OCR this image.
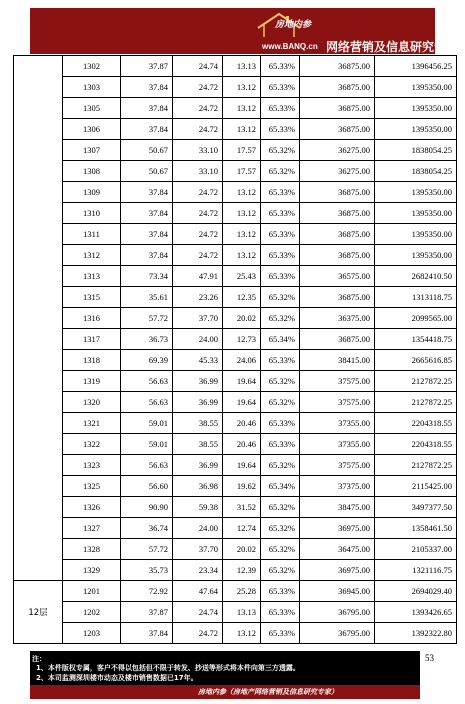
房地内参
www.BANQ.cn 网络营销及信息研究专家
	1302	37.87	24.74	13.13	65.33%	36875.00	1396456.25
	1303	37.84	24.72	13.12	65.33%	36875.00	1395350.00
	1305	37.84	24.72	13.12	65.33%	36875.00	1395350.00
	1306	37.84	24.72	13.12	65.33%	36875.00	1395350.00
	1307	50.67	33.10	17.57	65.32%	36275.00	1838054.25
	1308	50.67	33.10	17.57	65.32%	36275.00	1838054.25
	1309	37.84	24.72	13.12	65.33%	36875.00	1395350.00
	1310	37.84	24.72	13.12	65.33%	36875.00	1395350.00
	1311	37.84	24.72	13.12	65.33%	36875.00	1395350.00
	1312	37.84	24.72	13.12	65.33%	36875.00	1395350.00
	1313	73.34	47.91	25.43	65.33%	36575.00	2682410.50
	1315	35.61	23.26	12.35	65.32%	36875.00	1313118.75
	1316	57.72	37.70	20.02	65.32%	36375.00	2099565.00
	1317	36.73	24.00	12.73	65.34%	36875.00	1354418.75
	1318	69.39	45.33	24.06	65.33%	38415.00	2665616.85
	1319	56.63	36.99	19.64	65.32%	37575.00	2127872.25
	1320	56.63	36.99	19.64	65.32%	37575.00	2127872.25
	1321	59.01	38.55	20.46	65.33%	37355.00	2204318.55
	1322	59.01	38.55	20.46	65.33%	37355.00	2204318.55
	1323	56.63	36.99	19.64	65.32%	37575.00	2127872.25
	1325	56.60	36.98	19.62	65.34%	37375.00	2115425.00
	1326	90.90	59.38	31.52	65.32%	38475.00	3497377.50
	1327	36.74	24.00	12.74	65.32%	36975.00	1358461.50
	1328	57.72	37.70	20.02	65.32%	36475.00	2105337.00
	1329	35.73	23.34	12.39	65.32%	36975.00	1321116.75
12层	1201	72.92	47.64	25.28	65.33%	36945.00	2694029.40
	1202	37.87	24.74	13.13	65.33%	36795.00	1393426.65
	1203	37.84	24.72	13.12	65.33%	36795.00	1392322.80
注：
1、本件版权专属，客户不得以包括但不限于转发、抄送等形式将本件向第三方透露。
2、本司监测深圳楼市动态及楼市销售数据已17年。
房地内参（房地产网络营销及信息研究专家）
53
